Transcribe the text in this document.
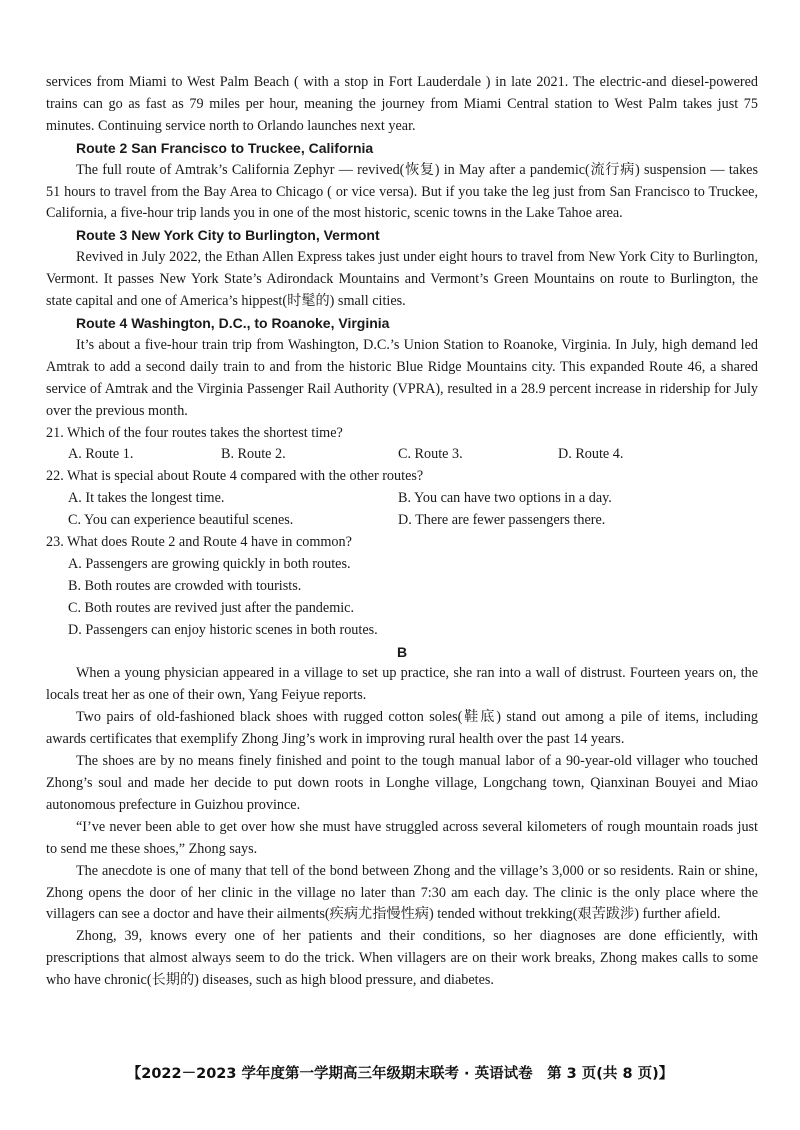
services from Miami to West Palm Beach ( with a stop in Fort Lauderdale ) in late 2021. The electric-and diesel-powered trains can go as fast as 79 miles per hour, meaning the journey from Miami Central station to West Palm takes just 75 minutes. Continuing service north to Orlando launches next year.

Route 2 San Francisco to Truckee, California

The full route of Amtrak’s California Zephyr — revived(恢复) in May after a pandemic(流行病) suspension — takes 51 hours to travel from the Bay Area to Chicago ( or vice versa). But if you take the leg just from San Francisco to Truckee, California, a five-hour trip lands you in one of the most historic, scenic towns in the Lake Tahoe area.

Route 3 New York City to Burlington, Vermont

Revived in July 2022, the Ethan Allen Express takes just under eight hours to travel from New York City to Burlington, Vermont. It passes New York State’s Adirondack Mountains and Vermont’s Green Mountains on route to Burlington, the state capital and one of America’s hippest(时髦的) small cities.

Route 4 Washington, D.C., to Roanoke, Virginia

It’s about a five-hour train trip from Washington, D.C.’s Union Station to Roanoke, Virginia. In July, high demand led Amtrak to add a second daily train to and from the historic Blue Ridge Mountains city. This expanded Route 46, a shared service of Amtrak and the Virginia Passenger Rail Authority (VPRA), resulted in a 28.9 percent increase in ridership for July over the previous month.

21. Which of the four routes takes the shortest time?

A. Route 1.	B. Route 2.	C. Route 3.	D. Route 4.

22. What is special about Route 4 compared with the other routes?

A. It takes the longest time.	B. You can have two options in a day.
C. You can experience beautiful scenes.	D. There are fewer passengers there.

23. What does Route 2 and Route 4 have in common?

A. Passengers are growing quickly in both routes.

B. Both routes are crowded with tourists.

C. Both routes are revived just after the pandemic.

D. Passengers can enjoy historic scenes in both routes.

B

When a young physician appeared in a village to set up practice, she ran into a wall of distrust. Fourteen years on, the locals treat her as one of their own, Yang Feiyue reports.

Two pairs of old-fashioned black shoes with rugged cotton soles(鞋底) stand out among a pile of items, including awards certificates that exemplify Zhong Jing’s work in improving rural health over the past 14 years.

The shoes are by no means finely finished and point to the tough manual labor of a 90-year-old villager who touched Zhong’s soul and made her decide to put down roots in Longhe village, Longchang town, Qianxinan Bouyei and Miao autonomous prefecture in Guizhou province.

“I’ve never been able to get over how she must have struggled across several kilometers of rough mountain roads just to send me these shoes,” Zhong says.

The anecdote is one of many that tell of the bond between Zhong and the village’s 3,000 or so residents. Rain or shine, Zhong opens the door of her clinic in the village no later than 7:30 am each day. The clinic is the only place where the villagers can see a doctor and have their ailments(疾病尤指慢性病) tended without trekking(艰苦跋涉) further afield.

Zhong, 39, knows every one of her patients and their conditions, so her diagnoses are done efficiently, with prescriptions that almost always seem to do the trick. When villagers are on their work breaks, Zhong makes calls to some who have chronic(长期的) diseases, such as high blood pressure, and diabetes.

【2022－2023 学年度第一学期高三年级期末联考 · 英语试卷　第 3 页(共 8 页)】
